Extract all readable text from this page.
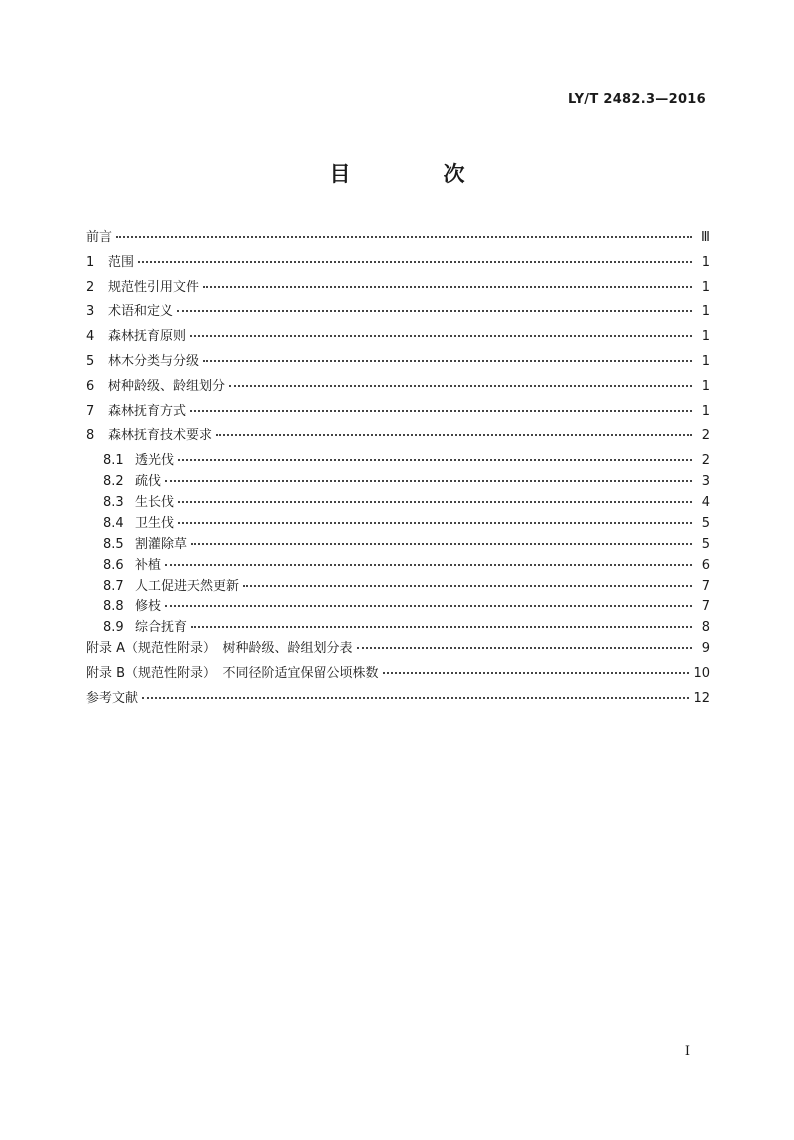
LY/T 2482.3—2016
目　次
前言	Ⅲ
1	范围	1
2	规范性引用文件	1
3	术语和定义	1
4	森林抚育原则	1
5	林木分类与分级	1
6	树种龄级、龄组划分	1
7	森林抚育方式	1
8	森林抚育技术要求	2
8.1 透光伐	2
8.2 疏伐	3
8.3 生长伐	4
8.4 卫生伐	5
8.5 割灌除草	5
8.6 补植	6
8.7 人工促进天然更新	7
8.8 修枝	7
8.9 综合抚育	8
附录 A（规范性附录）　树种龄级、龄组划分表	9
附录 B（规范性附录）　不同径阶适宜保留公顷株数	10
参考文献	12
I
